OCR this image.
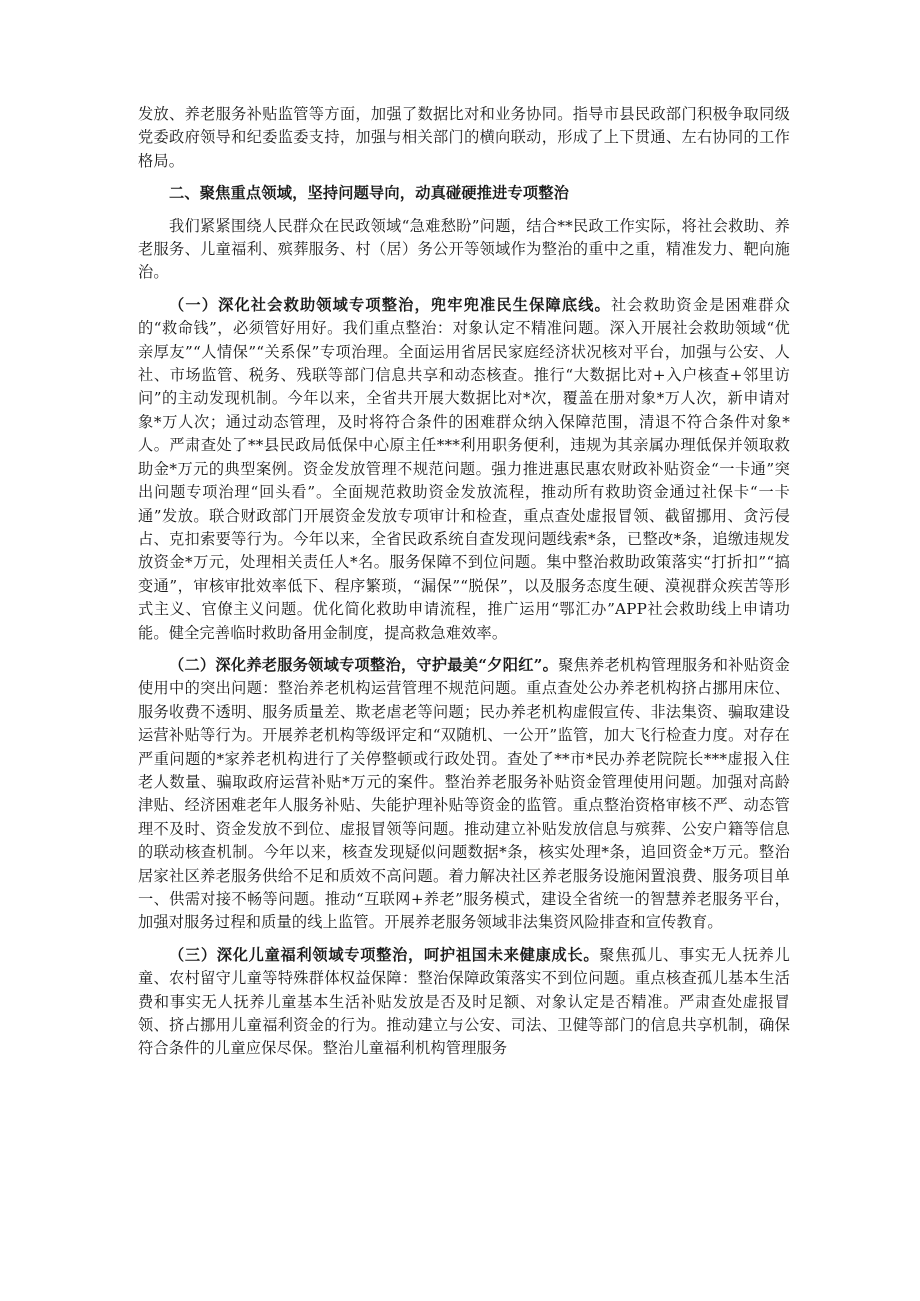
发放、养老服务补贴监管等方面，加强了数据比对和业务协同。指导市县民政部门积极争取同级党委政府领导和纪委监委支持，加强与相关部门的横向联动，形成了上下贯通、左右协同的工作格局。

二、聚焦重点领域，坚持问题导向，动真碰硬推进专项整治

我们紧紧围绕人民群众在民政领域“急难愁盼”问题，结合**民政工作实际，将社会救助、养老服务、儿童福利、殡葬服务、村（居）务公开等领域作为整治的重中之重，精准发力、靶向施治。

（一）深化社会救助领域专项整治，兜牢兜准民生保障底线。社会救助资金是困难群众的“救命钱”，必须管好用好。我们重点整治：对象认定不精准问题。深入开展社会救助领域“优亲厚友”“人情保”“关系保”专项治理。全面运用省居民家庭经济状况核对平台，加强与公安、人社、市场监管、税务、残联等部门信息共享和动态核查。推行“大数据比对+入户核查+邻里访问”的主动发现机制。今年以来，全省共开展大数据比对*次，覆盖在册对象*万人次，新申请对象*万人次；通过动态管理，及时将符合条件的困难群众纳入保障范围，清退不符合条件对象*人。严肃查处了**县民政局低保中心原主任***利用职务便利，违规为其亲属办理低保并领取救助金*万元的典型案例。资金发放管理不规范问题。强力推进惠民惠农财政补贴资金“一卡通”突出问题专项治理“回头看”。全面规范救助资金发放流程，推动所有救助资金通过社保卡“一卡通”发放。联合财政部门开展资金发放专项审计和检查，重点查处虚报冒领、截留挪用、贪污侵占、克扣索要等行为。今年以来，全省民政系统自查发现问题线索*条，已整改*条，追缴违规发放资金*万元，处理相关责任人*名。服务保障不到位问题。集中整治救助政策落实“打折扣”“搞变通”，审核审批效率低下、程序繁琐，“漏保”“脱保”，以及服务态度生硬、漠视群众疾苦等形式主义、官僚主义问题。优化简化救助申请流程，推广运用“鄂汇办”APP社会救助线上申请功能。健全完善临时救助备用金制度，提高救急难效率。

（二）深化养老服务领域专项整治，守护最美“夕阳红”。聚焦养老机构管理服务和补贴资金使用中的突出问题：整治养老机构运营管理不规范问题。重点查处公办养老机构挤占挪用床位、服务收费不透明、服务质量差、欺老虐老等问题；民办养老机构虚假宣传、非法集资、骗取建设运营补贴等行为。开展养老机构等级评定和“双随机、一公开”监管，加大飞行检查力度。对存在严重问题的*家养老机构进行了关停整顿或行政处罚。查处了**市*民办养老院院长***虚报入住老人数量、骗取政府运营补贴*万元的案件。整治养老服务补贴资金管理使用问题。加强对高龄津贴、经济困难老年人服务补贴、失能护理补贴等资金的监管。重点整治资格审核不严、动态管理不及时、资金发放不到位、虚报冒领等问题。推动建立补贴发放信息与殡葬、公安户籍等信息的联动核查机制。今年以来，核查发现疑似问题数据*条，核实处理*条，追回资金*万元。整治居家社区养老服务供给不足和质效不高问题。着力解决社区养老服务设施闲置浪费、服务项目单一、供需对接不畅等问题。推动“互联网+养老”服务模式，建设全省统一的智慧养老服务平台，加强对服务过程和质量的线上监管。开展养老服务领域非法集资风险排查和宣传教育。

（三）深化儿童福利领域专项整治，呵护祖国未来健康成长。聚焦孤儿、事实无人抚养儿童、农村留守儿童等特殊群体权益保障：整治保障政策落实不到位问题。重点核查孤儿基本生活费和事实无人抚养儿童基本生活补贴发放是否及时足额、对象认定是否精准。严肃查处虚报冒领、挤占挪用儿童福利资金的行为。推动建立与公安、司法、卫健等部门的信息共享机制，确保符合条件的儿童应保尽保。整治儿童福利机构管理服务
